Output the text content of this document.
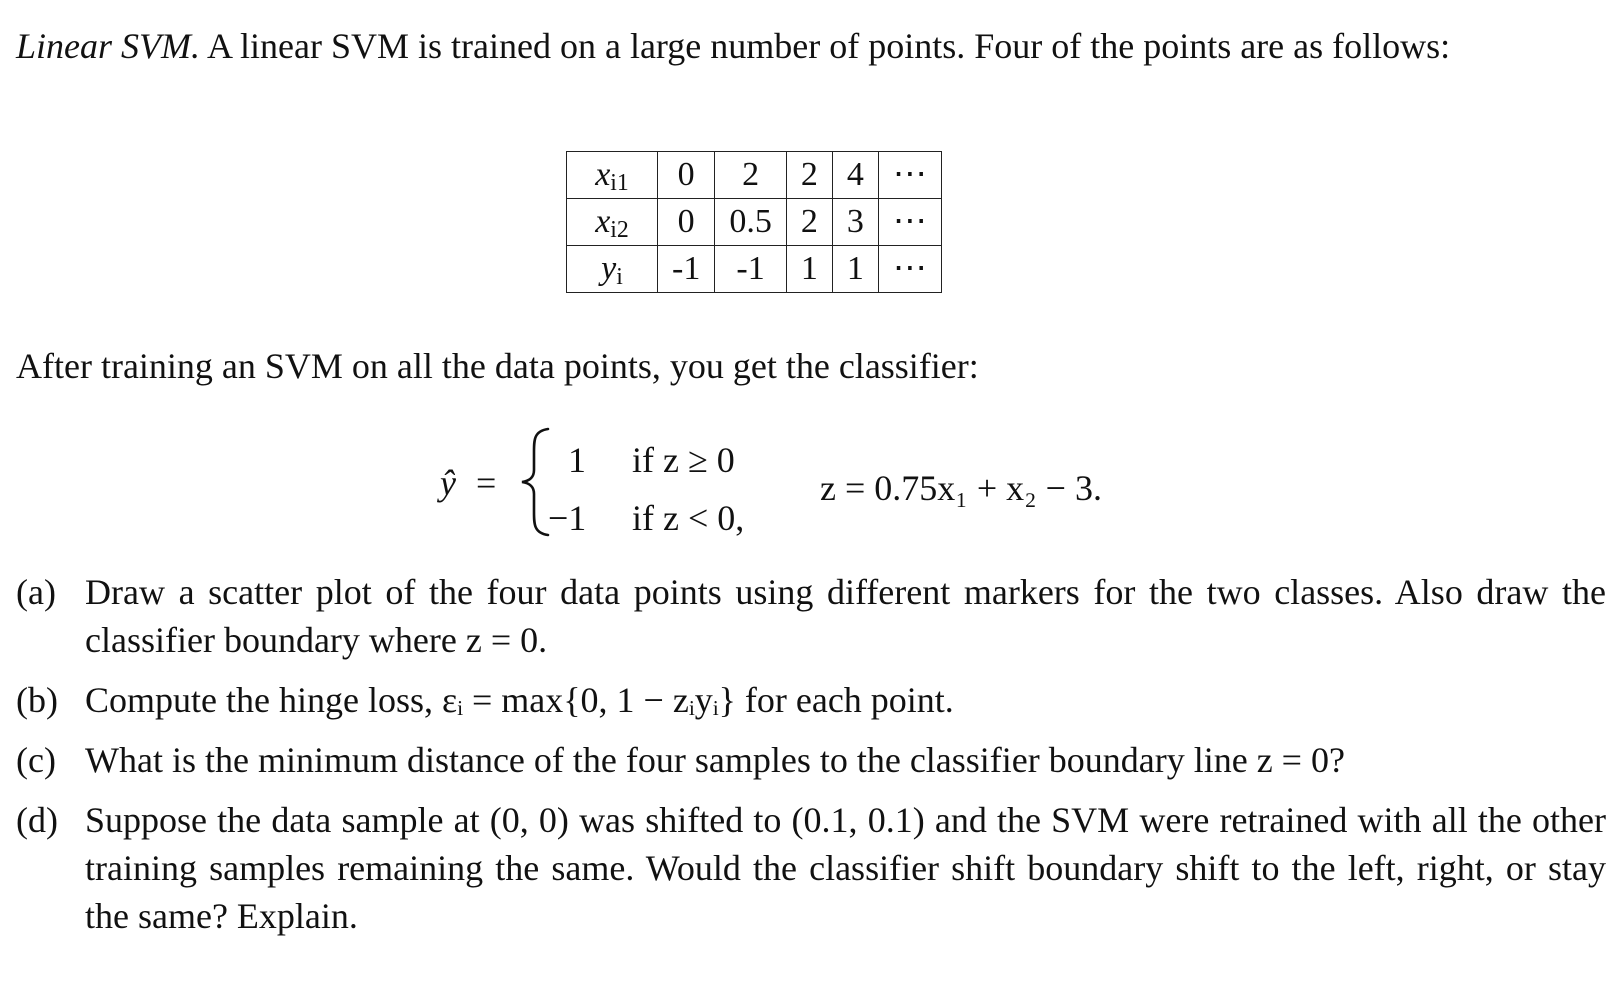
Linear SVM. A linear SVM is trained on a large number of points. Four of the points are as follows:
$x_{i1}$	0	2	2	4	⋯
$x_{i2}$	0	0.5	2	3	⋯
$y_i$	-1	-1	1	1	⋯
After training an SVM on all the data points, you get the classifier:
ŷ =
1 if z ≥ 0
−1 if z < 0,
z = 0.75x₁ + x₂ − 3.
(a) Draw a scatter plot of the four data points using different markers for the two classes. Also draw the classifier boundary where z = 0.
(b) Compute the hinge loss, εᵢ = max{0, 1 − zᵢyᵢ} for each point.
(c) What is the minimum distance of the four samples to the classifier boundary line z = 0?
(d) Suppose the data sample at (0, 0) was shifted to (0.1, 0.1) and the SVM were retrained with all the other training samples remaining the same. Would the classifier shift boundary shift to the left, right, or stay the same? Explain.
